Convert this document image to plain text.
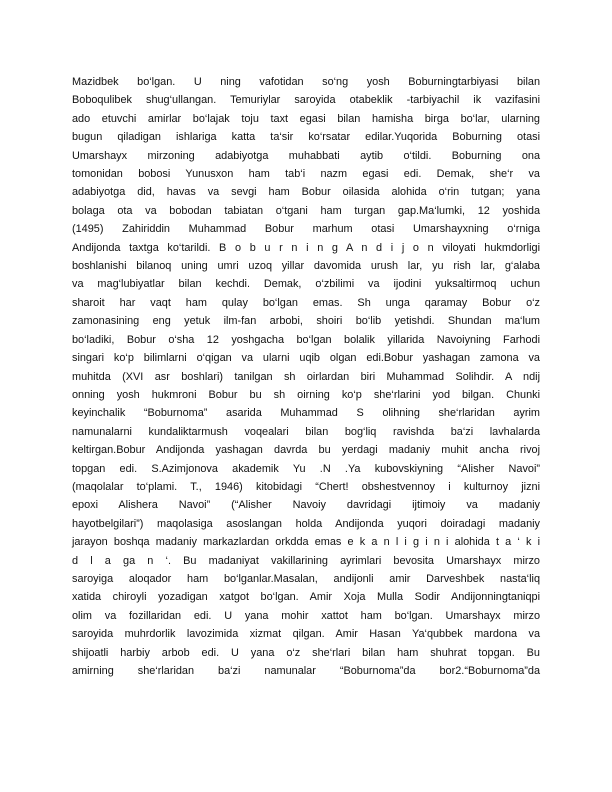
Mazidbek bo‘lgan. U ning vafotidan so‘ng yosh Boburningtarbiyasi bilan
Boboqulibek shug‘ullangan. Temuriylar saroyida otabeklik -tarbiyachil ik vazifasini
ado etuvchi amirlar bo‘lajak toju taxt egasi bilan hamisha birga bo‘lar, ularning
bugun qiladigan ishlariga katta ta‘sir ko‘rsatar edilar.Yuqorida Boburning otasi
Umarshayx mirzoning adabiyotga muhabbati aytib o‘tildi. Boburning ona
tomonidan bobosi Yunusxon ham tab‘i nazm egasi edi. Demak, she‘r va
adabiyotga did, havas va sevgi ham Bobur oilasida alohida o‘rin tutgan; yana
bolaga ota va bobodan tabiatan o‘tgani ham turgan gap.Ma‘lumki, 12 yoshida
(1495) Zahiriddin Muhammad Bobur marhum otasi Umarshayxning o‘rniga
Andijonda taxtga ko‘tarildi. B o b u r n i n g A n d i j o n viloyati hukmdorligi
boshlanishi bilanoq uning umri uzoq yillar davomida urush lar, yu rish lar, g‘alaba
va mag‘lubiyatlar bilan kechdi. Demak, o‘zbilimi va ijodini yuksaltirmoq uchun
sharoit har vaqt ham qulay bo‘lgan emas. Sh unga qaramay Bobur o‘z
zamonasining eng yetuk ilm-fan arbobi, shoiri bo‘lib yetishdi. Shundan ma‘lum
bo‘ladiki, Bobur o‘sha 12 yoshgacha bo‘lgan bolalik yillarida Navoiyning Farhodi
singari ko‘p bilimlarni o‘qigan va ularni uqib olgan edi.Bobur yashagan zamona va
muhitda (XVI asr boshlari) tanilgan sh oirlardan biri Muhammad Solihdir. A ndij
onning yosh hukmroni Bobur bu sh oirning ko‘p she‘rlarini yod bilgan. Chunki
keyinchalik “Boburnoma” asarida Muhammad S olihning she‘rlaridan ayrim
namunalarni kundaliktarmush voqealari bilan bog‘liq ravishda ba‘zi lavhalarda
keltirgan.Bobur Andijonda yashagan davrda bu yerdagi madaniy muhit ancha rivoj
topgan edi. S.Azimjonova akademik Yu .N .Ya kubovskiyning “Alisher Navoi”
(maqolalar to‘plami. T., 1946) kitobidagi “Chert! obshestvennoy i kulturnoy jizni
epoxi Alishera Navoi” (“Alisher Navoiy davridagi ijtimoiy va madaniy
hayotbelgilari”) maqolasiga asoslangan holda Andijonda yuqori doiradagi madaniy
jarayon boshqa madaniy markazlardan orkdda emas e k a n l i g i n i alohida t a ‘ k i
d l a ga n ‘. Bu madaniyat vakillarining ayrimlari bevosita Umarshayx mirzo
saroyiga aloqador ham bo‘lganlar.Masalan, andijonli amir Darveshbek nasta‘liq
xatida chiroyli yozadigan xatgot bo‘lgan. Amir Xoja Mulla Sodir Andijonningtaniqpi
olim va fozillaridan edi. U yana mohir xattot ham bo‘lgan. Umarshayx mirzo
saroyida muhrdorlik lavozimida xizmat qilgan. Amir Hasan Ya‘qubbek mardona va
shijoatli harbiy arbob edi. U yana o‘z she‘rlari bilan ham shuhrat topgan. Bu
amirning she‘rlaridan ba‘zi namunalar “Boburnoma”da bor2.“Boburnoma”da
